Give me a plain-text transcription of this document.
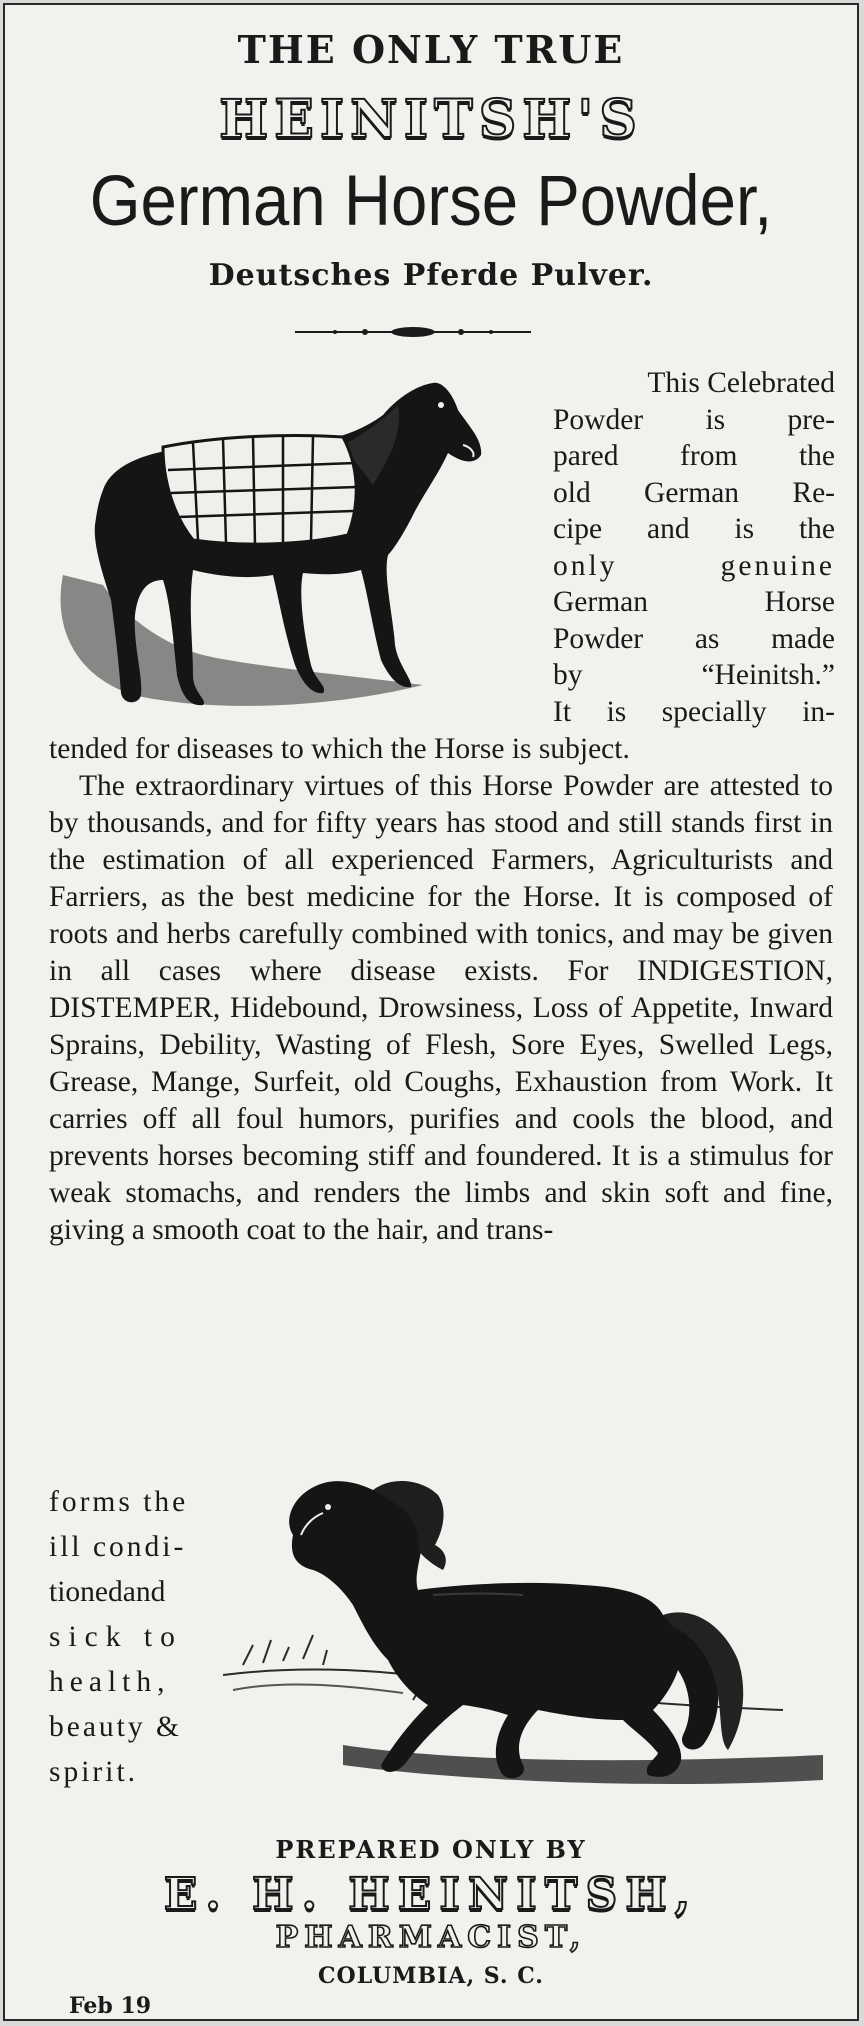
THE ONLY TRUE
HEINITSH'S
German Horse Powder,
Deutsches Pferde Pulver.
This Celebrated
Powder is pre-
pared from the
old German Re-
cipe and is the
only genuine
German Horse
Powder as made
by “Heinitsh.”
It is specially in-
tended for diseases to which the Horse is subject.
The extraordinary virtues of this Horse Powder are attested to by thousands, and for fifty years has stood and still stands first in the estimation of all experienced Farmers, Agriculturists and Farriers, as the best medicine for the Horse. It is composed of roots and herbs carefully combined with tonics, and may be given in all cases where disease exists. For INDIGESTION, DISTEMPER, Hidebound, Drowsiness, Loss of Appetite, Inward Sprains, Debility, Wasting of Flesh, Sore Eyes, Swelled Legs, Grease, Mange, Surfeit, old Coughs, Exhaustion from Work. It carries off all foul humors, purifies and cools the blood, and prevents horses becoming stiff and foundered. It is a stimulus for weak stomachs, and renders the limbs and skin soft and fine, giving a smooth coat to the hair, and trans-
forms the
ill condi-
tionedand
sick to
health,
beauty &
spirit.
PREPARED ONLY BY
E. H. HEINITSH,
PHARMACIST,
COLUMBIA, S. C.
Feb 19
